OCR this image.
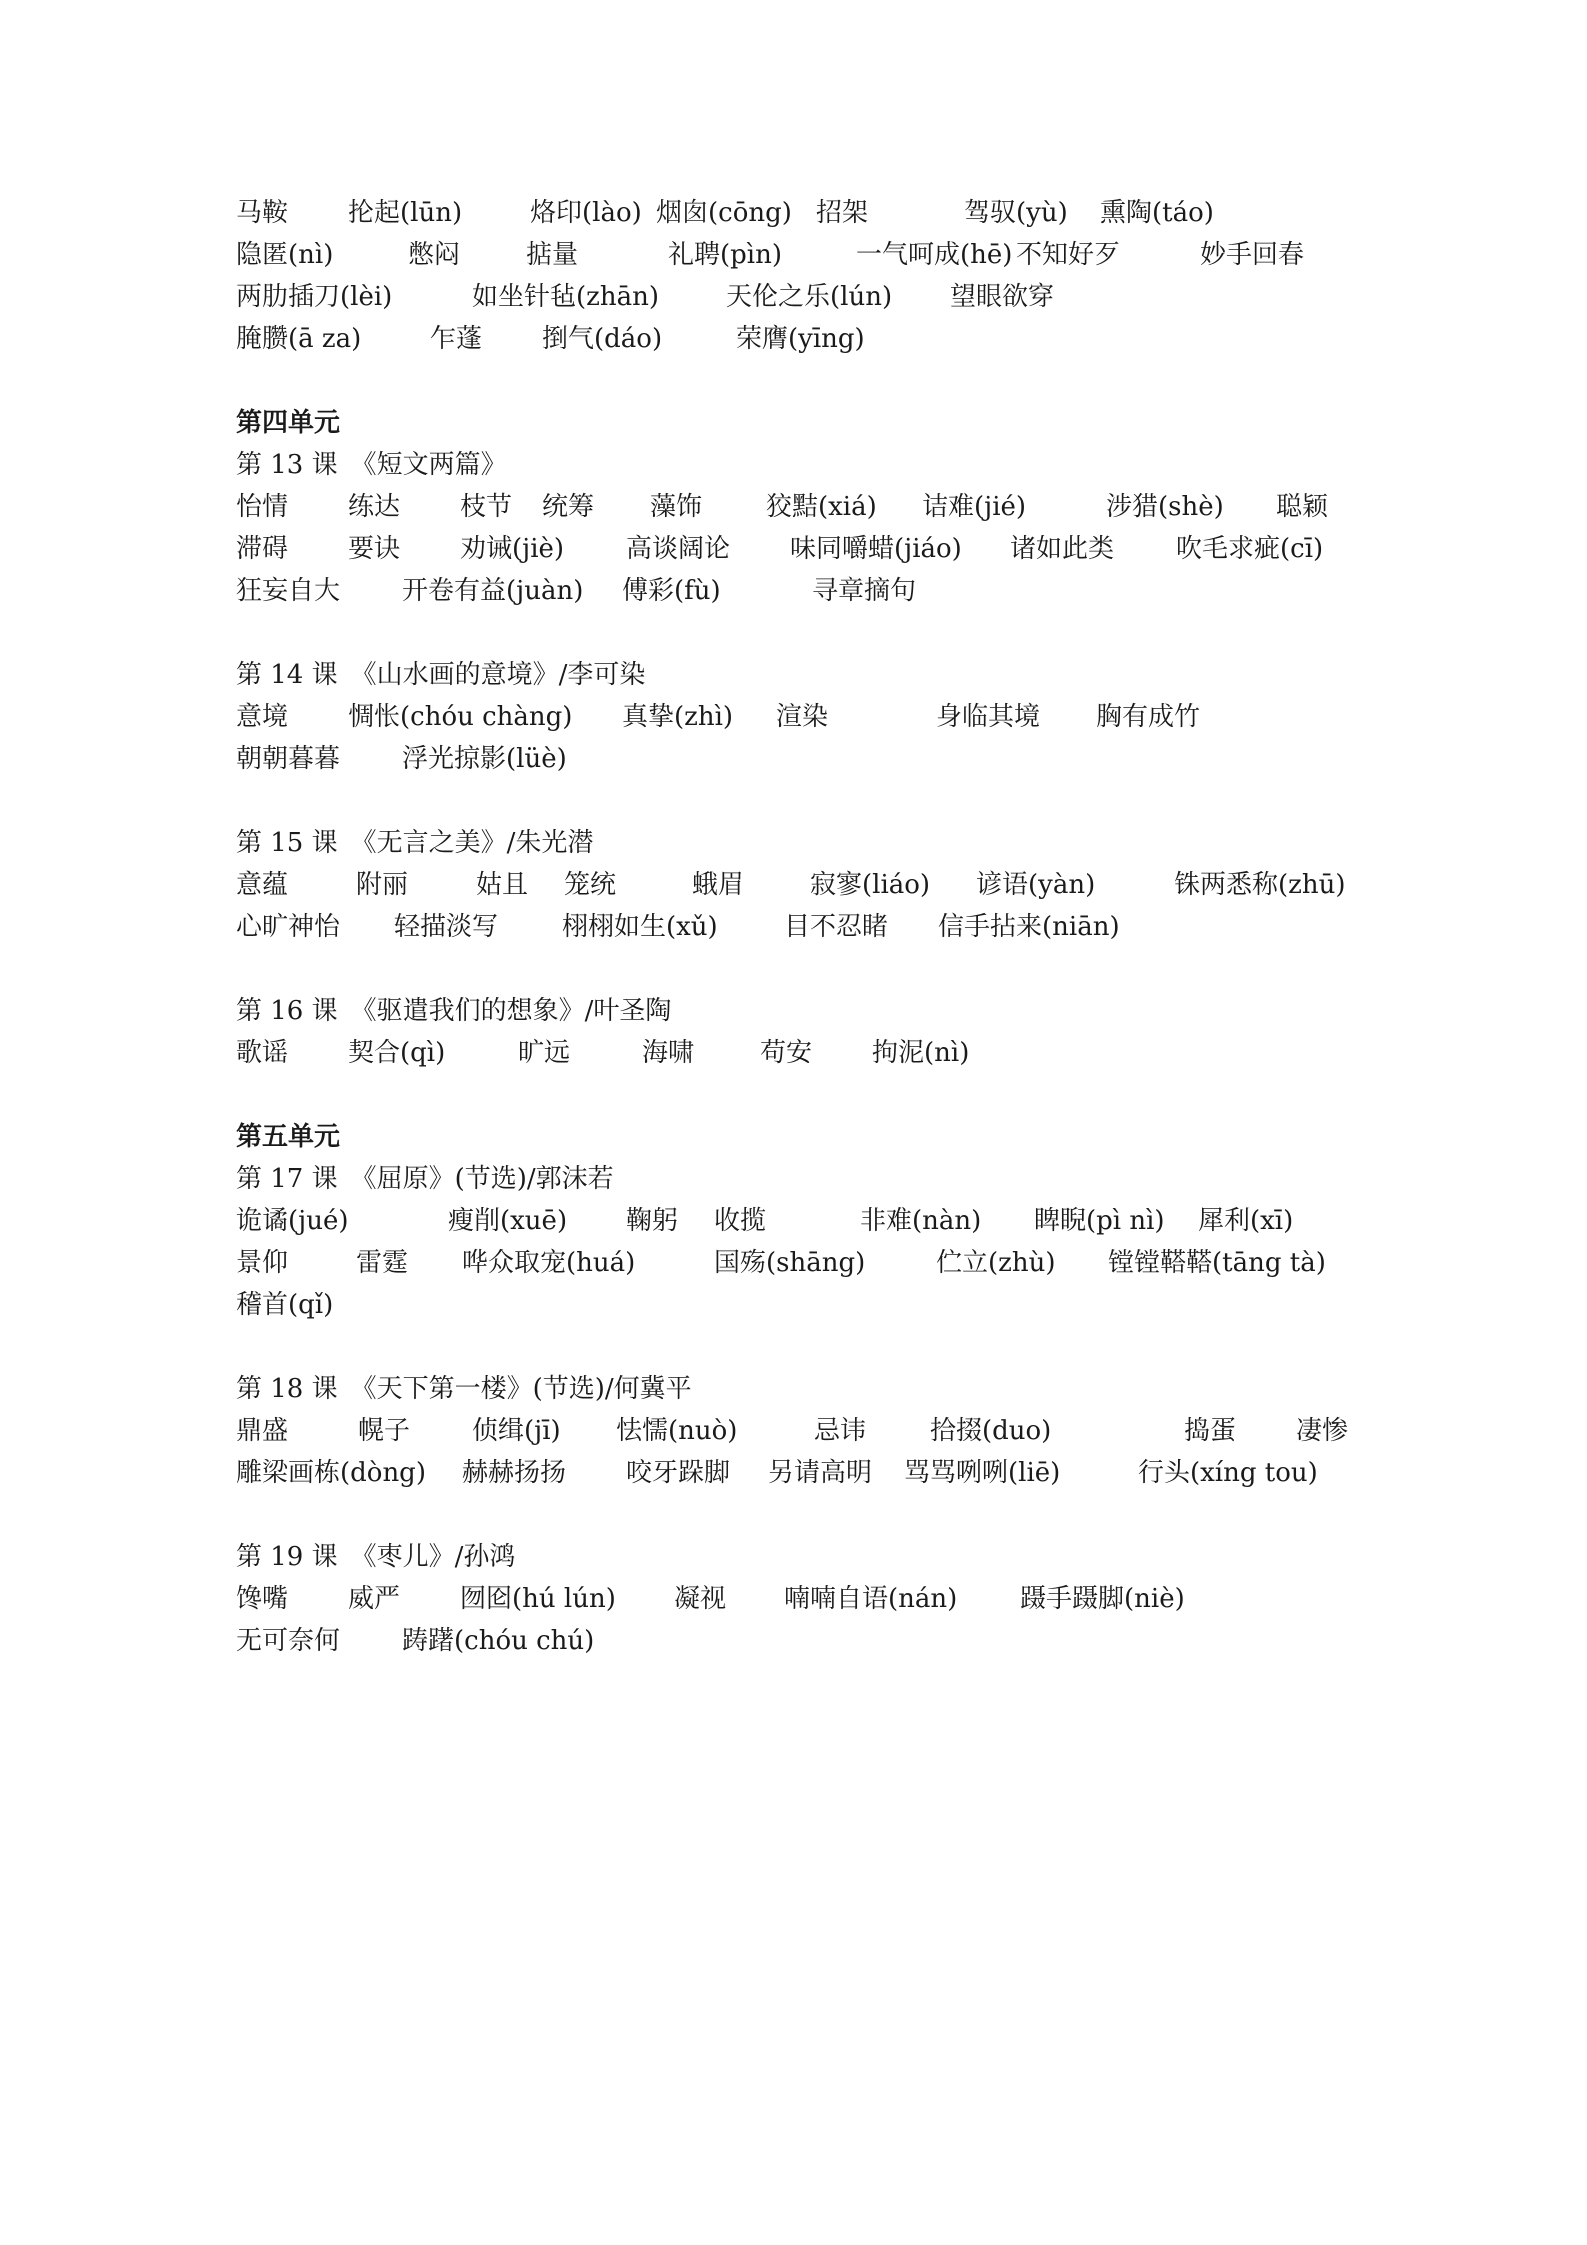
马鞍 抡起(lūn)	烙印(lào) 烟囱(cōng) 招架	驾驭(yù) 熏陶(táo)
隐匿(nì)	憋闷	掂量	礼聘(pìn)	一气呵成(hē) 不知好歹	妙手回春
两肋插刀(lèi)	如坐针毡(zhān)	天伦之乐(lún) 望眼欲穿
腌臜(ā za)	乍蓬 捯气(dáo)	荣膺(yīng)
第四单元
第 13 课　《短文两篇》
怡情 练达 枝节 统筹 藻饰 狡黠(xiá) 诘难(jié)	涉猎(shè) 聪颖
滞碍 要诀 劝诫(jiè) 高谈阔论 味同嚼蜡(jiáo) 诸如此类 吹毛求疵(cī)
狂妄自大 开卷有益(juàn) 傅彩(fù)	寻章摘句
第 14 课　《山水画的意境》/李可染
意境 惆怅(chóu chàng) 真挚(zhì) 渲染	身临其境 胸有成竹
朝朝暮暮 浮光掠影(lüè)
第 15 课　《无言之美》/朱光潜
意蕴	附丽	姑且 笼统	蛾眉	寂寥(liáo) 谚语(yàn)	铢两悉称(zhū)
心旷神怡 轻描淡写 栩栩如生(xǔ)	目不忍睹 信手拈来(niān)
第 16 课　《驱遣我们的想象》/叶圣陶
歌谣 契合(qì)	旷远	海啸	苟安 拘泥(nì)
第五单元
第 17 课　《屈原》(节选)/郭沫若
诡谲(jué)	瘦削(xuē) 鞠躬 收揽	非难(nàn) 睥睨(pì nì) 犀利(xī)
景仰	雷霆 哗众取宠(huá)	国殇(shāng)	伫立(zhù) 镗镗鞳鞳(tāng tà)
稽首(qǐ)
第 18 课　《天下第一楼》(节选)/何冀平
鼎盛	幌子 侦缉(jī) 怯懦(nuò)	忌讳 拾掇(duo)	捣蛋 凄惨
雕梁画栋(dòng) 赫赫扬扬 咬牙跺脚 另请高明 骂骂咧咧(liē)	行头(xíng tou)
第 19 课　《枣儿》/孙鸿
馋嘴 威严 囫囵(hú lún) 凝视 喃喃自语(nán) 蹑手蹑脚(niè)
无可奈何 踌躇(chóu chú)
